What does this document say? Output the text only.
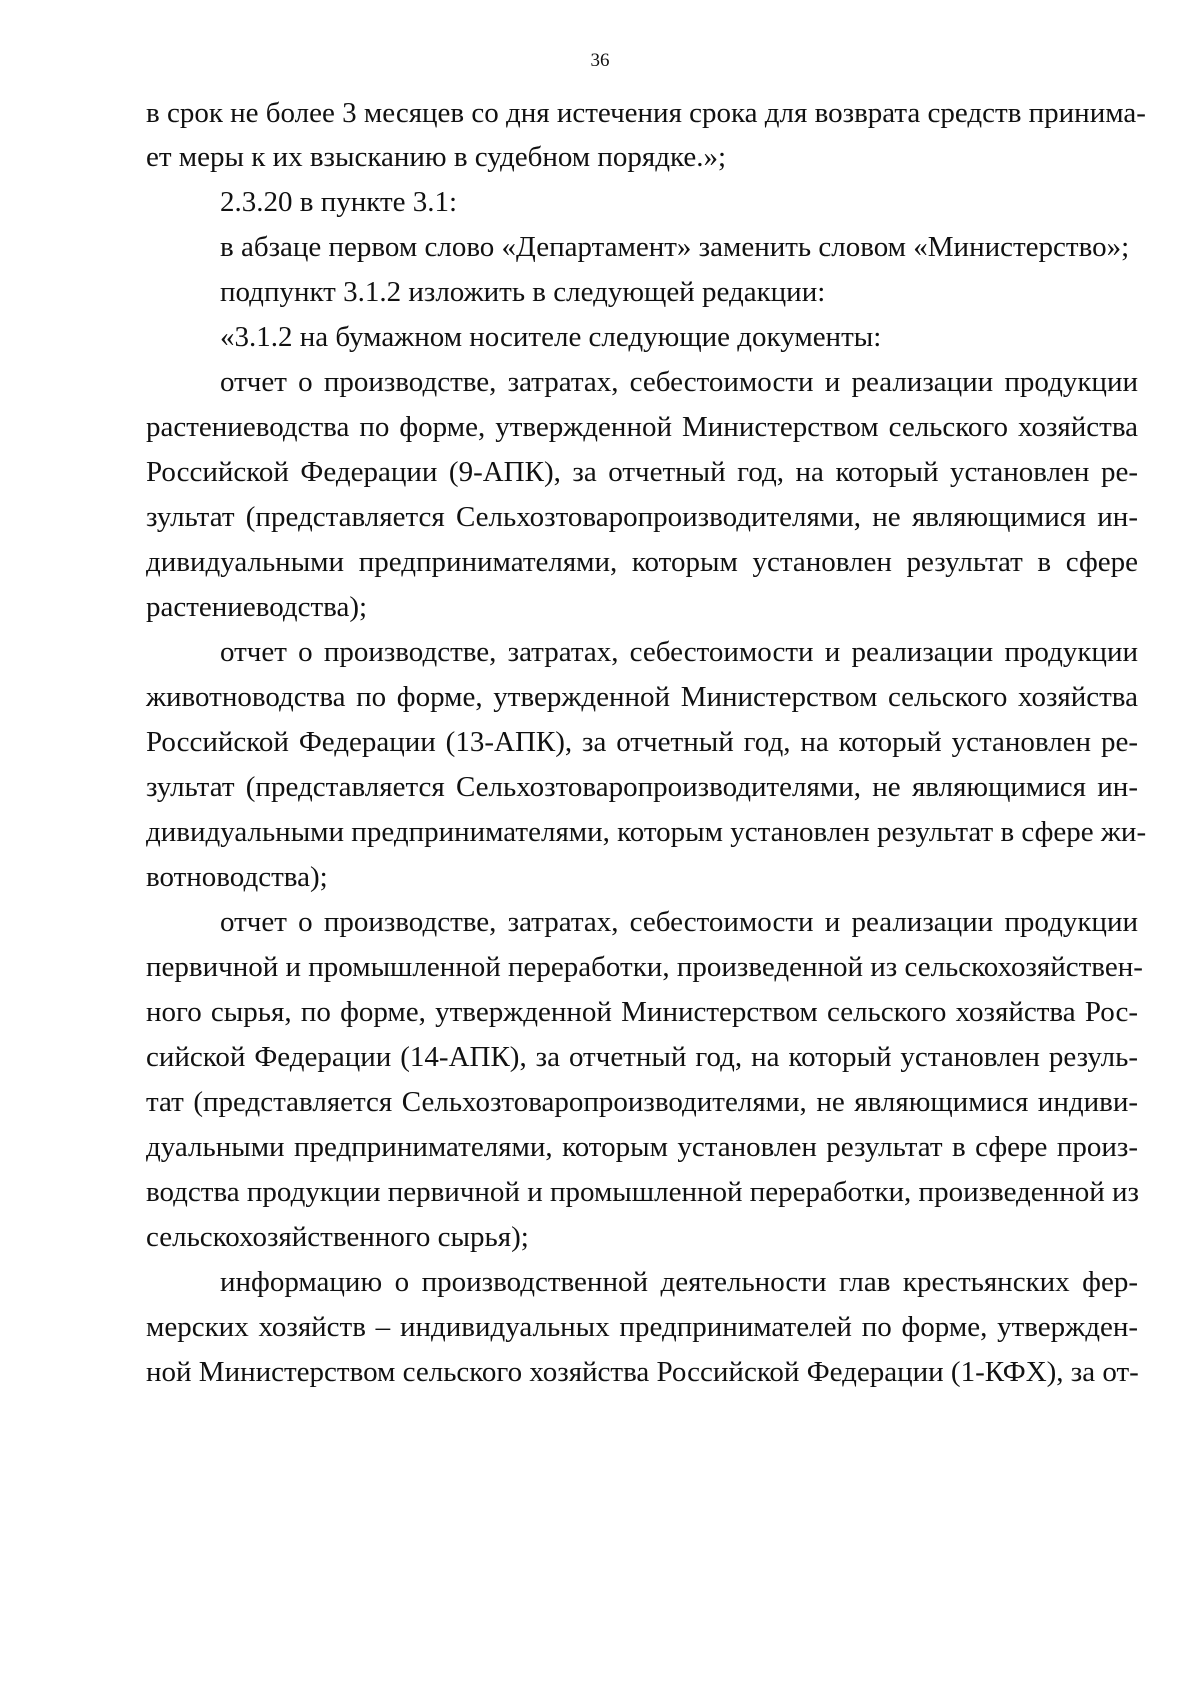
36
в срок не более 3 месяцев со дня истечения срока для возврата средств принима-
ет меры к их взысканию в судебном порядке.»;
2.3.20 в пункте 3.1:
в абзаце первом слово «Департамент» заменить словом «Министерство»;
подпункт 3.1.2 изложить в следующей редакции:
«3.1.2 на бумажном носителе следующие документы:
отчет о производстве, затратах, себестоимости и реализации продукции
растениеводства по форме, утвержденной Министерством сельского хозяйства
Российской Федерации (9-АПК), за отчетный год, на который установлен ре-
зультат (представляется Сельхозтоваропроизводителями, не являющимися ин-
дивидуальными предпринимателями, которым установлен результат в сфере
растениеводства);
отчет о производстве, затратах, себестоимости и реализации продукции
животноводства по форме, утвержденной Министерством сельского хозяйства
Российской Федерации (13-АПК), за отчетный год, на который установлен ре-
зультат (представляется Сельхозтоваропроизводителями, не являющимися ин-
дивидуальными предпринимателями, которым установлен результат в сфере жи-
вотноводства);
отчет о производстве, затратах, себестоимости и реализации продукции
первичной и промышленной переработки, произведенной из сельскохозяйствен-
ного сырья, по форме, утвержденной Министерством сельского хозяйства Рос-
сийской Федерации (14-АПК), за отчетный год, на который установлен резуль-
тат (представляется Сельхозтоваропроизводителями, не являющимися индиви-
дуальными предпринимателями, которым установлен результат в сфере произ-
водства продукции первичной и промышленной переработки, произведенной из
сельскохозяйственного сырья);
информацию о производственной деятельности глав крестьянских фер-
мерских хозяйств – индивидуальных предпринимателей по форме, утвержден-
ной Министерством сельского хозяйства Российской Федерации (1-КФХ), за от-
